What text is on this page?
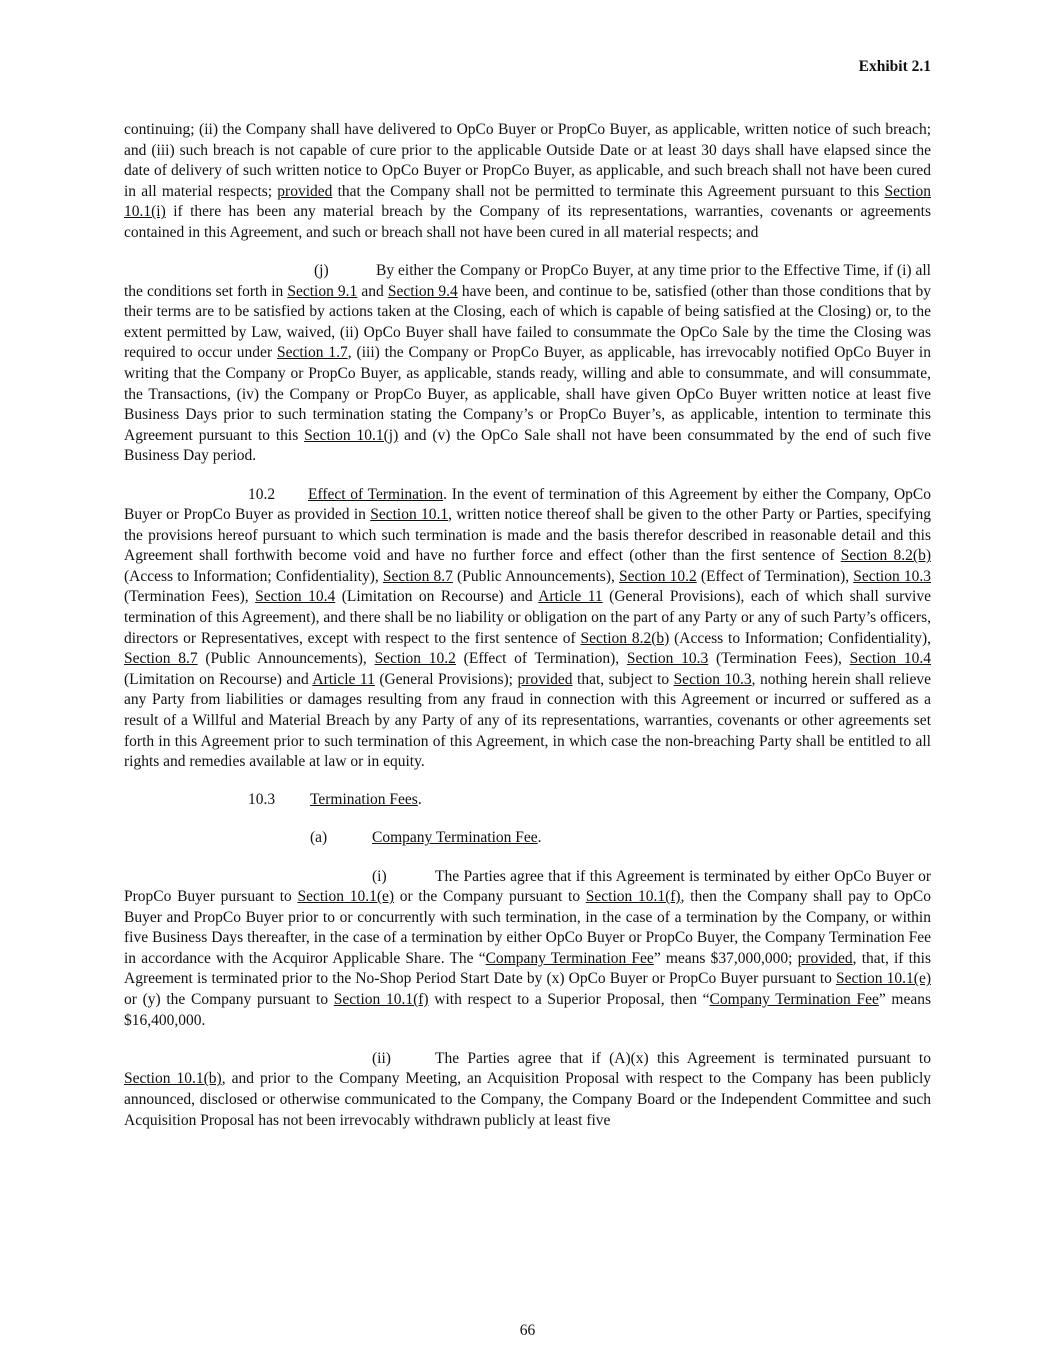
Exhibit 2.1

continuing; (ii) the Company shall have delivered to OpCo Buyer or PropCo Buyer, as applicable, written notice of such breach; and (iii) such breach is not capable of cure prior to the applicable Outside Date or at least 30 days shall have elapsed since the date of delivery of such written notice to OpCo Buyer or PropCo Buyer, as applicable, and such breach shall not have been cured in all material respects; provided that the Company shall not be permitted to terminate this Agreement pursuant to this Section 10.1(i) if there has been any material breach by the Company of its representations, warranties, covenants or agreements contained in this Agreement, and such or breach shall not have been cured in all material respects; and

(j)	By either the Company or PropCo Buyer, at any time prior to the Effective Time, if (i) all the conditions set forth in Section 9.1 and Section 9.4 have been, and continue to be, satisfied (other than those conditions that by their terms are to be satisfied by actions taken at the Closing, each of which is capable of being satisfied at the Closing) or, to the extent permitted by Law, waived, (ii) OpCo Buyer shall have failed to consummate the OpCo Sale by the time the Closing was required to occur under Section 1.7, (iii) the Company or PropCo Buyer, as applicable, has irrevocably notified OpCo Buyer in writing that the Company or PropCo Buyer, as applicable, stands ready, willing and able to consummate, and will consummate, the Transactions, (iv) the Company or PropCo Buyer, as applicable, shall have given OpCo Buyer written notice at least five Business Days prior to such termination stating the Company’s or PropCo Buyer’s, as applicable, intention to terminate this Agreement pursuant to this Section 10.1(j) and (v) the OpCo Sale shall not have been consummated by the end of such five Business Day period.

10.2 Effect of Termination. In the event of termination of this Agreement by either the Company, OpCo Buyer or PropCo Buyer as provided in Section 10.1, written notice thereof shall be given to the other Party or Parties, specifying the provisions hereof pursuant to which such termination is made and the basis therefor described in reasonable detail and this Agreement shall forthwith become void and have no further force and effect (other than the first sentence of Section 8.2(b) (Access to Information; Confidentiality), Section 8.7 (Public Announcements), Section 10.2 (Effect of Termination), Section 10.3 (Termination Fees), Section 10.4 (Limitation on Recourse) and Article 11 (General Provisions), each of which shall survive termination of this Agreement), and there shall be no liability or obligation on the part of any Party or any of such Party’s officers, directors or Representatives, except with respect to the first sentence of Section 8.2(b) (Access to Information; Confidentiality), Section 8.7 (Public Announcements), Section 10.2 (Effect of Termination), Section 10.3 (Termination Fees), Section 10.4 (Limitation on Recourse) and Article 11 (General Provisions); provided that, subject to Section 10.3, nothing herein shall relieve any Party from liabilities or damages resulting from any fraud in connection with this Agreement or incurred or suffered as a result of a Willful and Material Breach by any Party of any of its representations, warranties, covenants or other agreements set forth in this Agreement prior to such termination of this Agreement, in which case the non-breaching Party shall be entitled to all rights and remedies available at law or in equity.

10.3 Termination Fees.

(a)	Company Termination Fee.

(i)	The Parties agree that if this Agreement is terminated by either OpCo Buyer or PropCo Buyer pursuant to Section 10.1(e) or the Company pursuant to Section 10.1(f), then the Company shall pay to OpCo Buyer and PropCo Buyer prior to or concurrently with such termination, in the case of a termination by the Company, or within five Business Days thereafter, in the case of a termination by either OpCo Buyer or PropCo Buyer, the Company Termination Fee in accordance with the Acquiror Applicable Share. The “Company Termination Fee” means $37,000,000; provided, that, if this Agreement is terminated prior to the No-Shop Period Start Date by (x) OpCo Buyer or PropCo Buyer pursuant to Section 10.1(e) or (y) the Company pursuant to Section 10.1(f) with respect to a Superior Proposal, then “Company Termination Fee” means $16,400,000.

(ii)	The Parties agree that if (A)(x) this Agreement is terminated pursuant to Section 10.1(b), and prior to the Company Meeting, an Acquisition Proposal with respect to the Company has been publicly announced, disclosed or otherwise communicated to the Company, the Company Board or the Independent Committee and such Acquisition Proposal has not been irrevocably withdrawn publicly at least five

66
